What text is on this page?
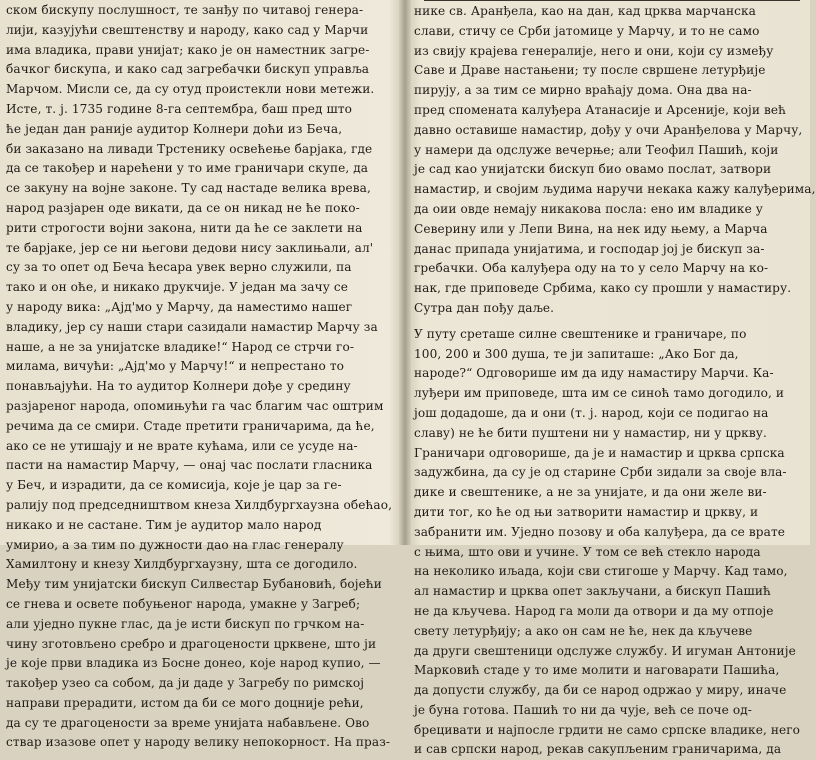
ском бискупу послушност, те занђу по читавој генера-
лији, казујући свештенству и народу, како сад у Марчи
има владика, прави унијат; како је он наместник загре-
бачког бискупа, и како сад загребачки бискуп управља
Марчом. Мисли се, да су отуд проистекли нови метежи.
Исте, т. ј. 1735 године 8-га септембра, баш пред што
ће један дан раније аудитор Колнери доћи из Беча,
би заказано на ливади Трстенику освећење барјака, где
да се такођер и нарећени у то име граничари скупе, да
се закуну на војне законе. Ту сад настаде велика врева,
народ разјарен оде викати, да се он никад не ће поко-
рити строгости војни закона, нити да ће се заклети на
те барјаке, јер се ни његови дедови нису заклињали, ал'
су за то опет од Беча ћесара увек верно служили, па
тако и он оће, и никако друкчије. У један ма зачу се
у народу вика: „Ајд'мо у Марчу, да наместимо нашег
владику, јер су наши стари сазидали намастир Марчу за
наше, а не за унијатске владике!“ Народ се стрчи го-
милама, вичући: „Ајд'мо у Марчу!“ и непрестано то
понављајући. На то аудитор Колнери дође у средину
разјареног народа, опомињући га час благим час оштрим
речима да се смири. Стаде претити граничарима, да ће,
ако се не утишају и не врате кућама, или се усуде на-
пасти на намастир Марчу, — онај час послати гласника
у Беч, и израдити, да се комисија, које је цар за ге-
ралију под председништвом кнеза Хилдбургхаузна обећао,
никако и не састане. Тим је аудитор мало народ
умирио, а за тим по дужности дао на глас генералу
Хамилтону и кнезу Хилдбургхаузну, шта се догодило.
Међу тим унијатски бискуп Силвестар Бубановић, бојећи
се гнева и освете побуњеног народа, умакне у Загреб;
али уједно пукне глас, да је исти бискуп по грчком на-
чину зготовљено сребро и драгоцености црквене, што ји
је које први владика из Босне донео, које народ купио, —
такођер узео са собом, да ји даде у Загребу по римској
направи прерадити, истом да би се мого доцније рећи,
да су те драгоцености за време унијата набављене. Ово
ствар изазове опет у народу велику непокорност. На праз-
нике св. Аранђела, као на дан, кад црква марчанска
слави, стичу се Срби јатомице у Марчу, и то не само
из свију крајева генералије, него и они, који су између
Саве и Драве настањени; ту после свршене летурђије
пирују, а за тим се мирно враћају дома. Она два на-
пред спомената калуђера Атанасије и Арсеније, који већ
давно оставише намастир, дођу у очи Аранђелова у Марчу,
у намери да одслуже вечерње; али Теофил Пашић, који
је сад као унијатски бискуп био овамо послат, затвори
намастир, и својим људима наручи некака кажу калуђерима,
да оии овде немају никакова посла: ено им владике у
Северину или у Лепи Вина, на нек иду њему, а Марча
данас припада унијатима, и господар јој је бискуп за-
гребачки. Оба калуђера оду на то у село Марчу на ко-
нак, где приповеде Србима, како су прошли у намастиру.
Сутра дан пођу даље.
У путу среташе силне свештенике и граничаре, по
100, 200 и 300 душа, те ји запиташе: „Ако Бог да,
народе?“ Одговорише им да иду намастиру Марчи. Ка-
луђери им приповеде, шта им се синоћ тамо догодило, и
још додадоше, да и они (т. ј. народ, који се подигао на
славу) не ће бити пуштени ни у намастир, ни у цркву.
Граничари одговорише, да је и намастир и црква српска
задужбина, да су је од старине Срби зидали за своје вла-
дике и свештенике, а не за унијате, и да они желе ви-
дити тог, ко ће од њи затворити намастир и цркву, и
забранити им. Уједно позову и оба калуђера, да се врате
с њима, што ови и учине. У том се већ стекло народа
на неколико иљада, који сви стигоше у Марчу. Кад тамо,
ал намастир и црква опет закључани, а бискуп Пашић
не да кључева. Народ га моли да отвори и да му отпоје
свету летурђију; а ако он сам не ће, нек да кључеве
да други свештеници одслуже службу. И игуман Антоније
Марковић стаде у то име молити и наговарати Пашића,
да допусти службу, да би се народ одржао у миру, иначе
је буна готова. Пашић то ни да чује, већ се поче од-
брецивати и најпосле грдити не само српске владике, него
и сав српски народ, рекав сакупљеним граничарима, да
